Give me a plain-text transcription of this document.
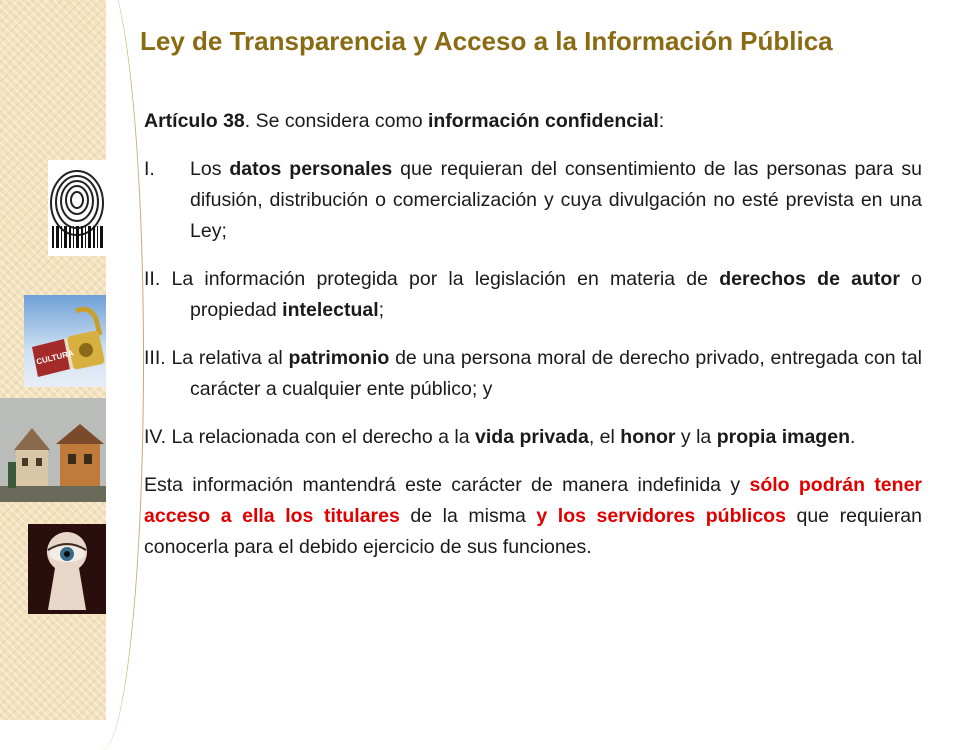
Ley de Transparencia y Acceso a la Información Pública
CULTURA

Artículo 38. Se considera como información confidencial:

I. Los datos personales que requieran del consentimiento de las personas para su difusión, distribución o comercialización y cuya divulgación no esté prevista en una Ley;
II. La información protegida por la legislación en materia de derechos de autor o propiedad intelectual;
III. La relativa al patrimonio de una persona moral de derecho privado, entregada con tal carácter a cualquier ente público; y
IV. La relacionada con el derecho a la vida privada, el honor y la propia imagen.

Esta información mantendrá este carácter de manera indefinida y sólo podrán tener acceso a ella los titulares de la misma y los servidores públicos que requieran conocerla para el debido ejercicio de sus funciones.
